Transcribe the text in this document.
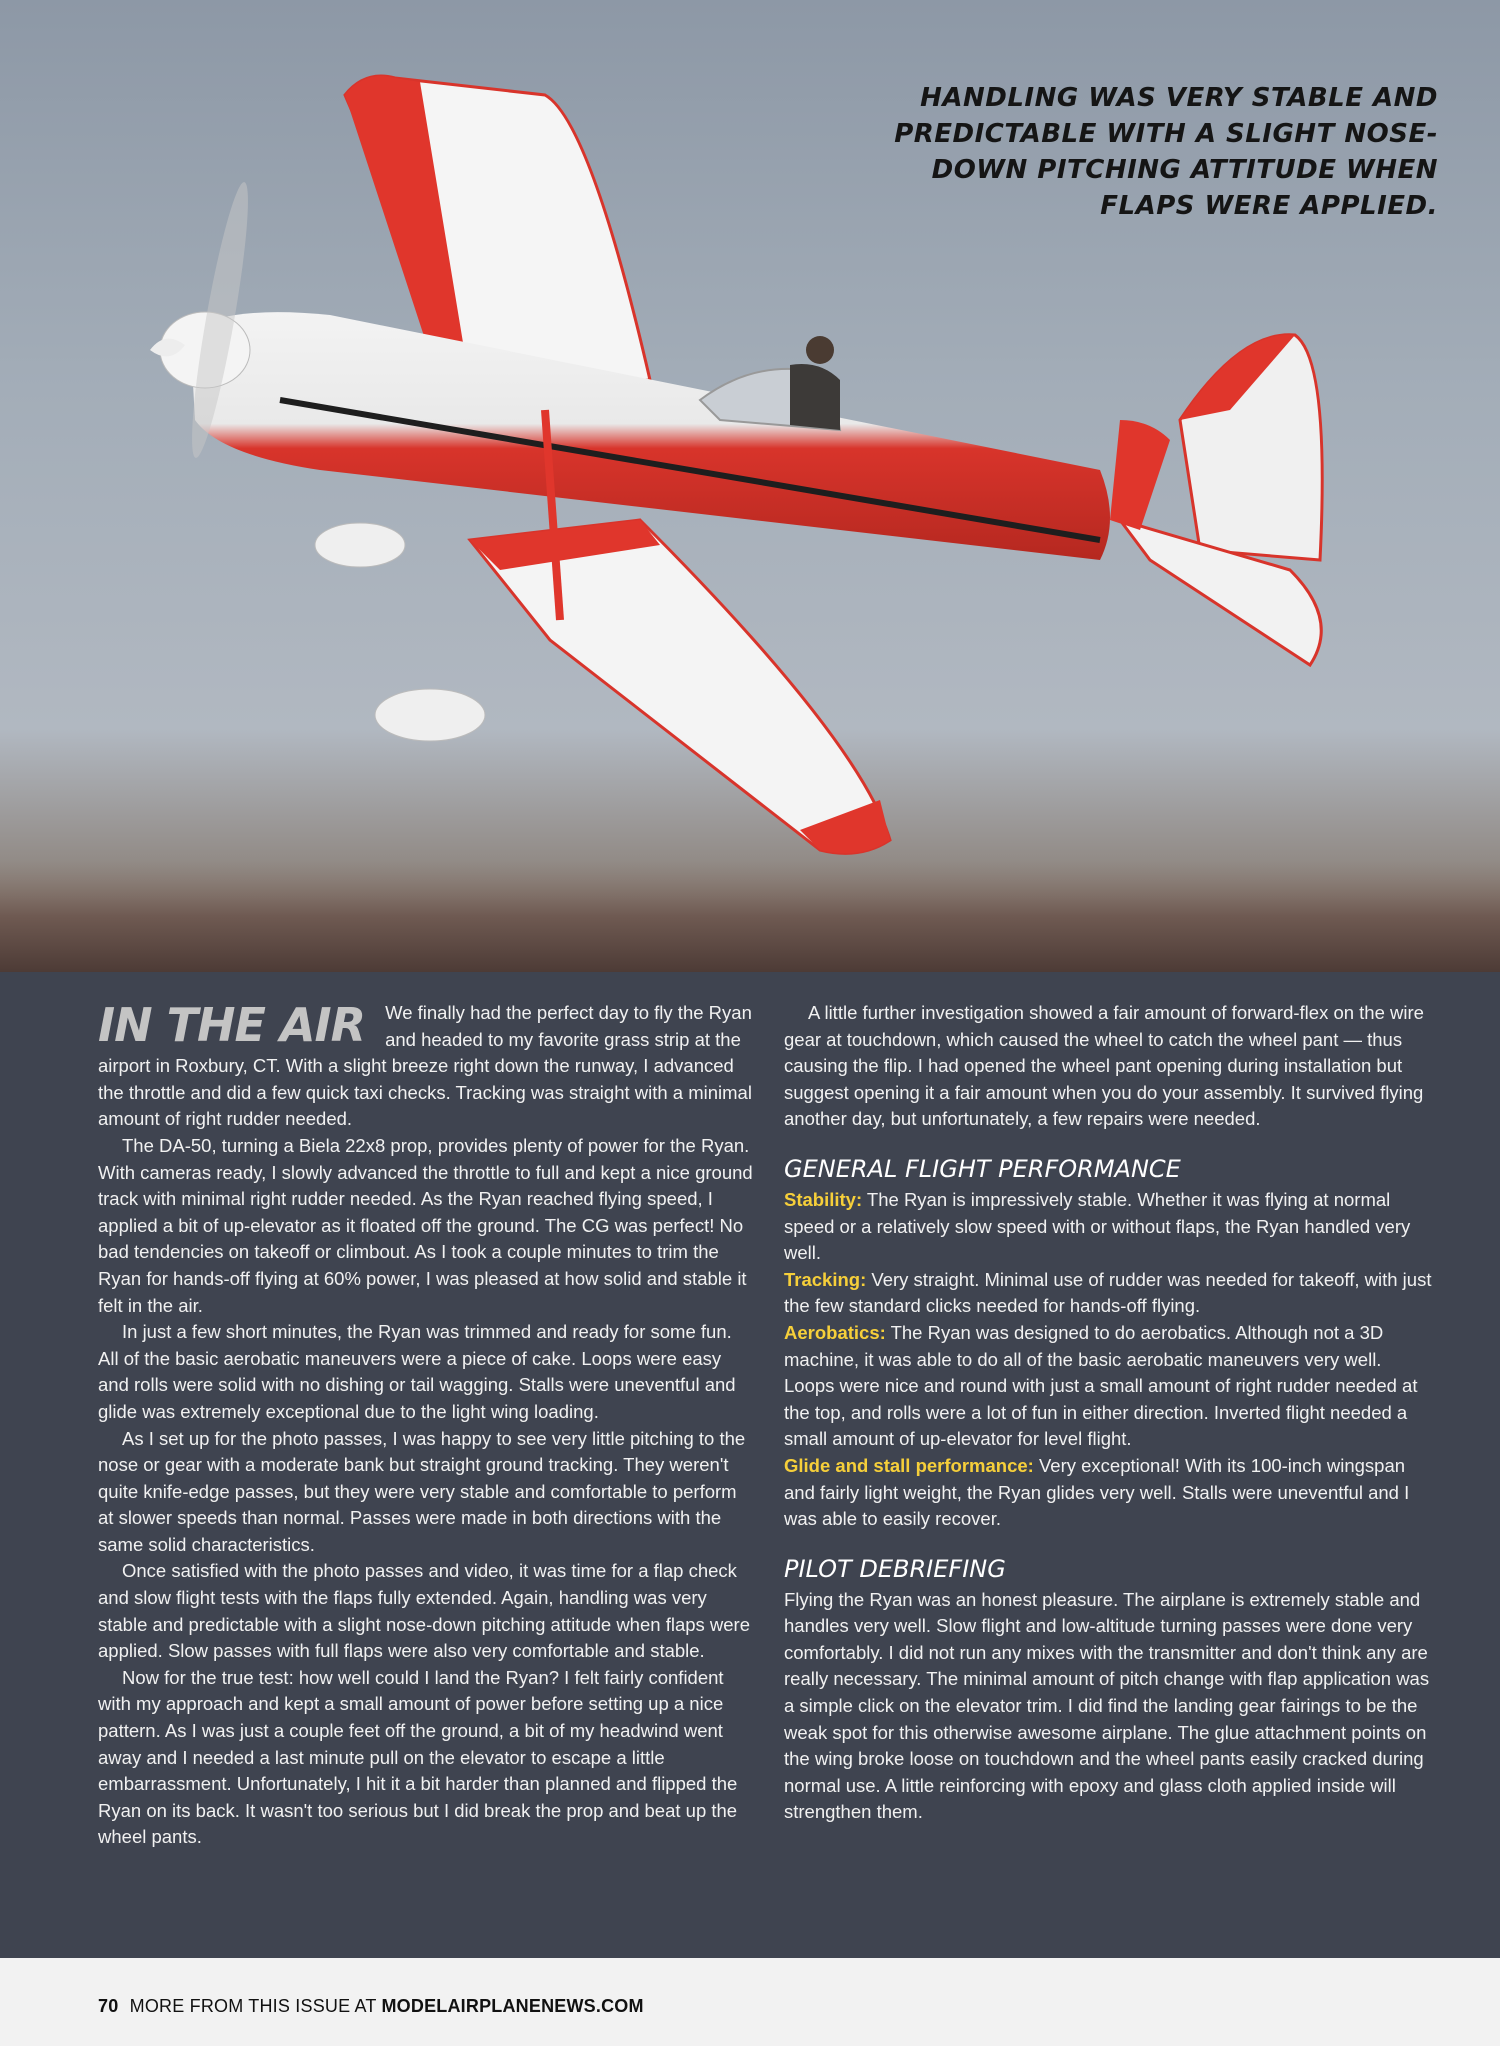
HANDLING WAS VERY STABLE AND PREDICTABLE WITH A SLIGHT NOSE-DOWN PITCHING ATTITUDE WHEN FLAPS WERE APPLIED.

IN THE AIR We finally had the perfect day to fly the Ryan and headed to my favorite grass strip at the airport in Roxbury, CT. With a slight breeze right down the runway, I advanced the throttle and did a few quick taxi checks. Tracking was straight with a minimal amount of right rudder needed.

The DA-50, turning a Biela 22x8 prop, provides plenty of power for the Ryan. With cameras ready, I slowly advanced the throttle to full and kept a nice ground track with minimal right rudder needed. As the Ryan reached flying speed, I applied a bit of up-elevator as it floated off the ground. The CG was perfect! No bad tendencies on takeoff or climbout. As I took a couple minutes to trim the Ryan for hands-off flying at 60% power, I was pleased at how solid and stable it felt in the air.

In just a few short minutes, the Ryan was trimmed and ready for some fun. All of the basic aerobatic maneuvers were a piece of cake. Loops were easy and rolls were solid with no dishing or tail wagging. Stalls were uneventful and glide was extremely exceptional due to the light wing loading.

As I set up for the photo passes, I was happy to see very little pitching to the nose or gear with a moderate bank but straight ground tracking. They weren't quite knife-edge passes, but they were very stable and comfortable to perform at slower speeds than normal. Passes were made in both directions with the same solid characteristics.

Once satisfied with the photo passes and video, it was time for a flap check and slow flight tests with the flaps fully extended. Again, handling was very stable and predictable with a slight nose-down pitching attitude when flaps were applied. Slow passes with full flaps were also very comfortable and stable.

Now for the true test: how well could I land the Ryan? I felt fairly confident with my approach and kept a small amount of power before setting up a nice pattern. As I was just a couple feet off the ground, a bit of my headwind went away and I needed a last minute pull on the elevator to escape a little embarrassment. Unfortunately, I hit it a bit harder than planned and flipped the Ryan on its back. It wasn't too serious but I did break the prop and beat up the wheel pants.

A little further investigation showed a fair amount of forward-flex on the wire gear at touchdown, which caused the wheel to catch the wheel pant — thus causing the flip. I had opened the wheel pant opening during installation but suggest opening it a fair amount when you do your assembly. It survived flying another day, but unfortunately, a few repairs were needed.

GENERAL FLIGHT PERFORMANCE

Stability: The Ryan is impressively stable. Whether it was flying at normal speed or a relatively slow speed with or without flaps, the Ryan handled very well.

Tracking: Very straight. Minimal use of rudder was needed for takeoff, with just the few standard clicks needed for hands-off flying.

Aerobatics: The Ryan was designed to do aerobatics. Although not a 3D machine, it was able to do all of the basic aerobatic maneuvers very well. Loops were nice and round with just a small amount of right rudder needed at the top, and rolls were a lot of fun in either direction. Inverted flight needed a small amount of up-elevator for level flight.

Glide and stall performance: Very exceptional! With its 100-inch wingspan and fairly light weight, the Ryan glides very well. Stalls were uneventful and I was able to easily recover.

PILOT DEBRIEFING

Flying the Ryan was an honest pleasure. The airplane is extremely stable and handles very well. Slow flight and low-altitude turning passes were done very comfortably. I did not run any mixes with the transmitter and don't think any are really necessary. The minimal amount of pitch change with flap application was a simple click on the elevator trim. I did find the landing gear fairings to be the weak spot for this otherwise awesome airplane. The glue attachment points on the wing broke loose on touchdown and the wheel pants easily cracked during normal use. A little reinforcing with epoxy and glass cloth applied inside will strengthen them.

70 MORE FROM THIS ISSUE AT MODELAIRPLANENEWS.COM
